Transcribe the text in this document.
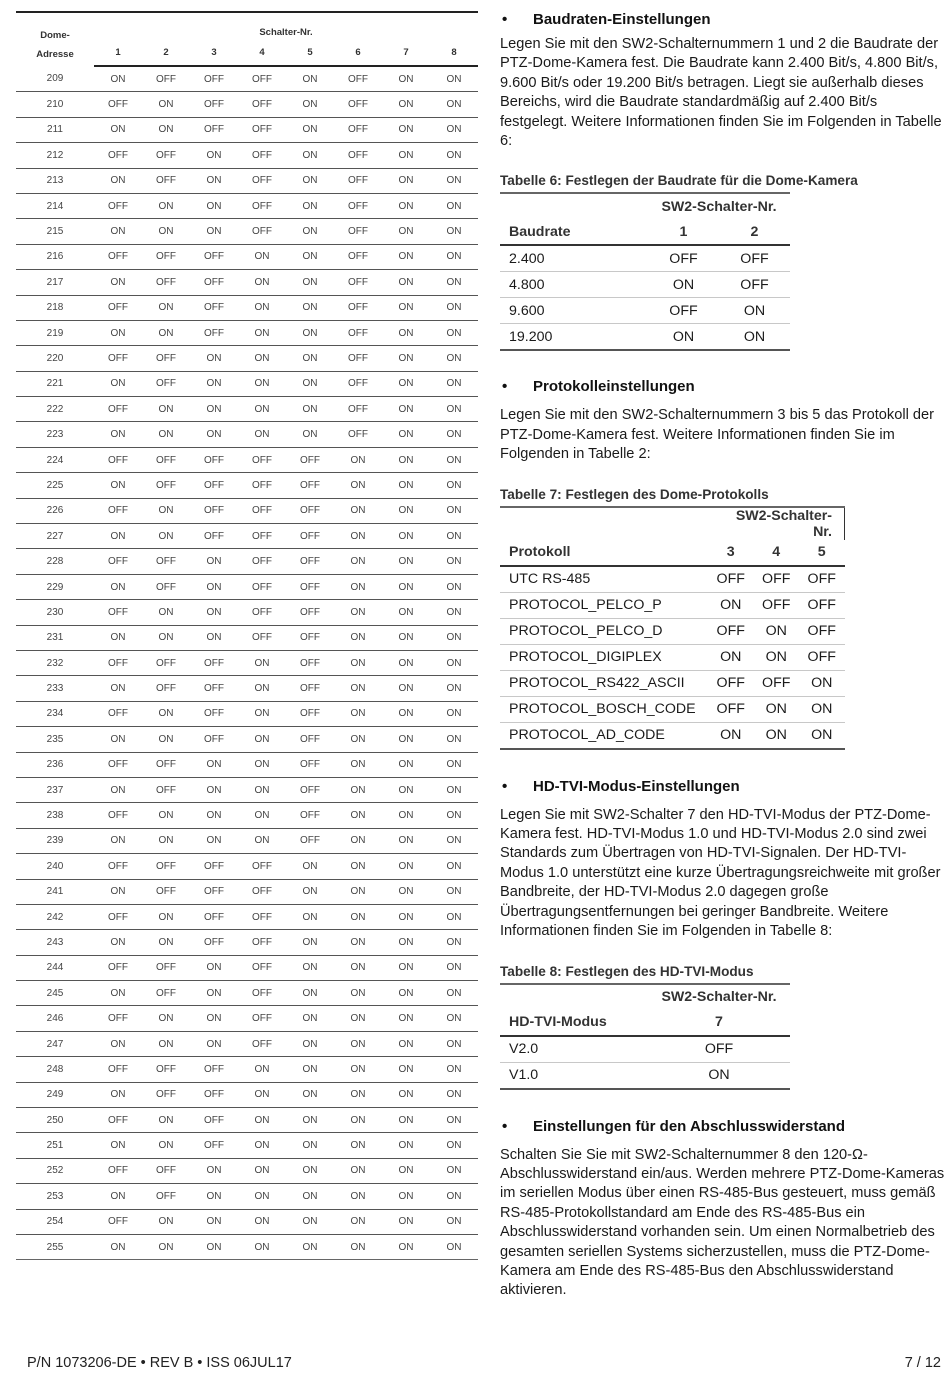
Dome-
Adresse	Schalter-Nr.							
	1	2	3	4	5	6	7	8
209	ON	OFF	OFF	OFF	ON	OFF	ON	ON
210	OFF	ON	OFF	OFF	ON	OFF	ON	ON
211	ON	ON	OFF	OFF	ON	OFF	ON	ON
212	OFF	OFF	ON	OFF	ON	OFF	ON	ON
213	ON	OFF	ON	OFF	ON	OFF	ON	ON
214	OFF	ON	ON	OFF	ON	OFF	ON	ON
215	ON	ON	ON	OFF	ON	OFF	ON	ON
216	OFF	OFF	OFF	ON	ON	OFF	ON	ON
217	ON	OFF	OFF	ON	ON	OFF	ON	ON
218	OFF	ON	OFF	ON	ON	OFF	ON	ON
219	ON	ON	OFF	ON	ON	OFF	ON	ON
220	OFF	OFF	ON	ON	ON	OFF	ON	ON
221	ON	OFF	ON	ON	ON	OFF	ON	ON
222	OFF	ON	ON	ON	ON	OFF	ON	ON
223	ON	ON	ON	ON	ON	OFF	ON	ON
224	OFF	OFF	OFF	OFF	OFF	ON	ON	ON
225	ON	OFF	OFF	OFF	OFF	ON	ON	ON
226	OFF	ON	OFF	OFF	OFF	ON	ON	ON
227	ON	ON	OFF	OFF	OFF	ON	ON	ON
228	OFF	OFF	ON	OFF	OFF	ON	ON	ON
229	ON	OFF	ON	OFF	OFF	ON	ON	ON
230	OFF	ON	ON	OFF	OFF	ON	ON	ON
231	ON	ON	ON	OFF	OFF	ON	ON	ON
232	OFF	OFF	OFF	ON	OFF	ON	ON	ON
233	ON	OFF	OFF	ON	OFF	ON	ON	ON
234	OFF	ON	OFF	ON	OFF	ON	ON	ON
235	ON	ON	OFF	ON	OFF	ON	ON	ON
236	OFF	OFF	ON	ON	OFF	ON	ON	ON
237	ON	OFF	ON	ON	OFF	ON	ON	ON
238	OFF	ON	ON	ON	OFF	ON	ON	ON
239	ON	ON	ON	ON	OFF	ON	ON	ON
240	OFF	OFF	OFF	OFF	ON	ON	ON	ON
241	ON	OFF	OFF	OFF	ON	ON	ON	ON
242	OFF	ON	OFF	OFF	ON	ON	ON	ON
243	ON	ON	OFF	OFF	ON	ON	ON	ON
244	OFF	OFF	ON	OFF	ON	ON	ON	ON
245	ON	OFF	ON	OFF	ON	ON	ON	ON
246	OFF	ON	ON	OFF	ON	ON	ON	ON
247	ON	ON	ON	OFF	ON	ON	ON	ON
248	OFF	OFF	OFF	ON	ON	ON	ON	ON
249	ON	OFF	OFF	ON	ON	ON	ON	ON
250	OFF	ON	OFF	ON	ON	ON	ON	ON
251	ON	ON	OFF	ON	ON	ON	ON	ON
252	OFF	OFF	ON	ON	ON	ON	ON	ON
253	ON	OFF	ON	ON	ON	ON	ON	ON
254	OFF	ON	ON	ON	ON	ON	ON	ON
255	ON	ON	ON	ON	ON	ON	ON	ON
•	Baudraten-Einstellungen

Legen Sie mit den SW2-Schalternummern 1 und 2 die Baudrate der PTZ-Dome-Kamera fest. Die Baudrate kann 2.400 Bit/s, 4.800 Bit/s, 9.600 Bit/s oder 19.200 Bit/s betragen. Liegt sie außerhalb dieses Bereichs, wird die Baudrate standardmäßig auf 2.400 Bit/s festgelegt. Weitere Informationen finden Sie im Folgenden in Tabelle 6:

Tabelle 6: Festlegen der Baudrate für die Dome-Kamera

	SW2-Schalter-Nr.	
Baudrate	1	2
2.400	OFF	OFF
4.800	ON	OFF
9.600	OFF	ON
19.200	ON	ON
•	Protokolleinstellungen

Legen Sie mit den SW2-Schalternummern 3 bis 5 das Protokoll der PTZ-Dome-Kamera fest. Weitere Informationen finden Sie im Folgenden in Tabelle 2:

Tabelle 7: Festlegen des Dome-Protokolls

	SW2-Schalter-Nr.		
Protokoll	3	4	5
UTC RS-485	OFF	OFF	OFF
PROTOCOL_PELCO_P	ON	OFF	OFF
PROTOCOL_PELCO_D	OFF	ON	OFF
PROTOCOL_DIGIPLEX	ON	ON	OFF
PROTOCOL_RS422_ASCII	OFF	OFF	ON
PROTOCOL_BOSCH_CODE	OFF	ON	ON
PROTOCOL_AD_CODE	ON	ON	ON
•	HD-TVI-Modus-Einstellungen

Legen Sie mit SW2-Schalter 7 den HD-TVI-Modus der PTZ-Dome-Kamera fest. HD-TVI-Modus 1.0 und HD-TVI-Modus 2.0 sind zwei Standards zum Übertragen von HD-TVI-Signalen. Der HD-TVI-Modus 1.0 unterstützt eine kurze Übertragungsreichweite mit großer Bandbreite, der HD-TVI-Modus 2.0 dagegen große Übertragungsentfernungen bei geringer Bandbreite. Weitere Informationen finden Sie im Folgenden in Tabelle 8:

Tabelle 8: Festlegen des HD-TVI-Modus

	SW2-Schalter-Nr.
HD-TVI-Modus	7
V2.0	OFF
V1.0	ON
•	Einstellungen für den Abschlusswiderstand

Schalten Sie Sie mit SW2-Schalternummer 8 den 120-Ω-Abschlusswiderstand ein/aus. Werden mehrere PTZ-Dome-Kameras im seriellen Modus über einen RS-485-Bus gesteuert, muss gemäß RS-485-Protokollstandard am Ende des RS-485-Bus ein Abschlusswiderstand vorhanden sein. Um einen Normalbetrieb des gesamten seriellen Systems sicherzustellen, muss die PTZ-Dome-Kamera am Ende des RS-485-Bus den Abschlusswiderstand aktivieren.

P/N 1073206-DE • REV B • ISS 06JUL17	7 / 12
